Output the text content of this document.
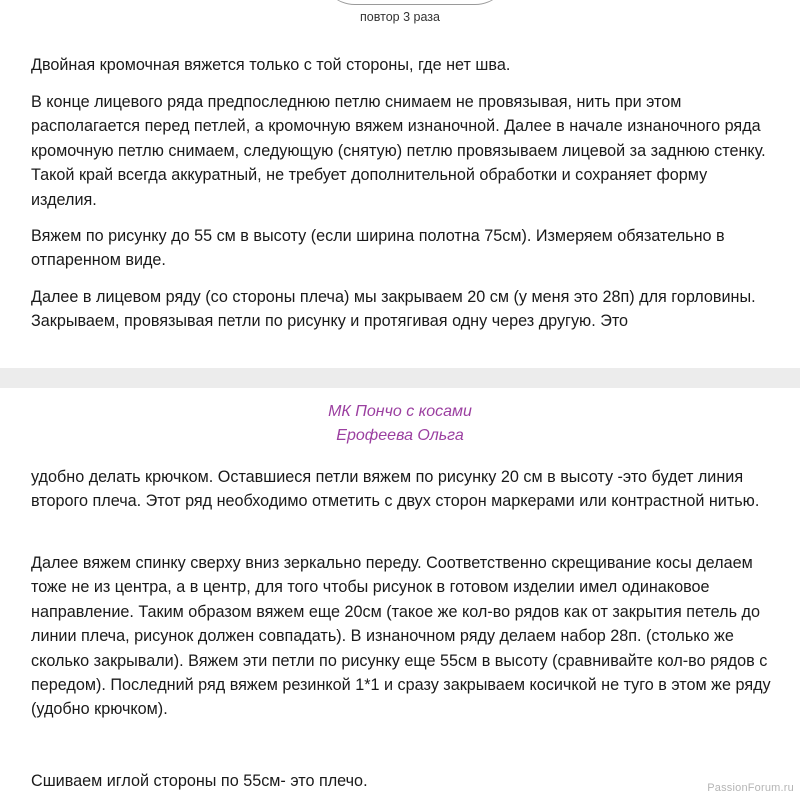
повтор 3 раза

Двойная кромочная вяжется только с той стороны, где нет шва.

В конце лицевого ряда предпоследнюю петлю снимаем не провязывая, нить при этом располагается перед петлей, а кромочную вяжем изнаночной. Далее в начале изнаночного ряда кромочную петлю снимаем, следующую (снятую) петлю провязываем лицевой за заднюю стенку. Такой край всегда аккуратный, не требует дополнительной обработки и сохраняет форму изделия.

Вяжем по рисунку до 55 см в высоту (если ширина полотна 75см). Измеряем обязательно в отпаренном виде.

Далее в лицевом ряду (со стороны плеча) мы закрываем 20 см (у меня это 28п) для горловины. Закрываем, провязывая петли по рисунку и протягивая одну через другую. Это

МК Пончо с косами
Ерофеева Ольга

удобно делать крючком. Оставшиеся петли вяжем по рисунку 20 см в высоту -это будет линия второго плеча. Этот ряд необходимо отметить с двух сторон маркерами или контрастной нитью.

Далее вяжем спинку сверху вниз зеркально переду. Соответственно скрещивание косы делаем тоже не из центра, а в центр, для того чтобы рисунок в готовом изделии имел одинаковое направление. Таким образом вяжем еще 20см (такое же кол-во рядов как от закрытия петель до линии плеча, рисунок должен совпадать). В изнаночном ряду делаем набор 28п. (столько же сколько закрывали). Вяжем эти петли по рисунку еще 55см в высоту (сравнивайте кол-во рядов с передом). Последний ряд вяжем резинкой 1*1 и сразу закрываем косичкой не туго в этом же ряду (удобно крючком).

Сшиваем иглой стороны по 55см- это плечо.	PassionForum.ru
